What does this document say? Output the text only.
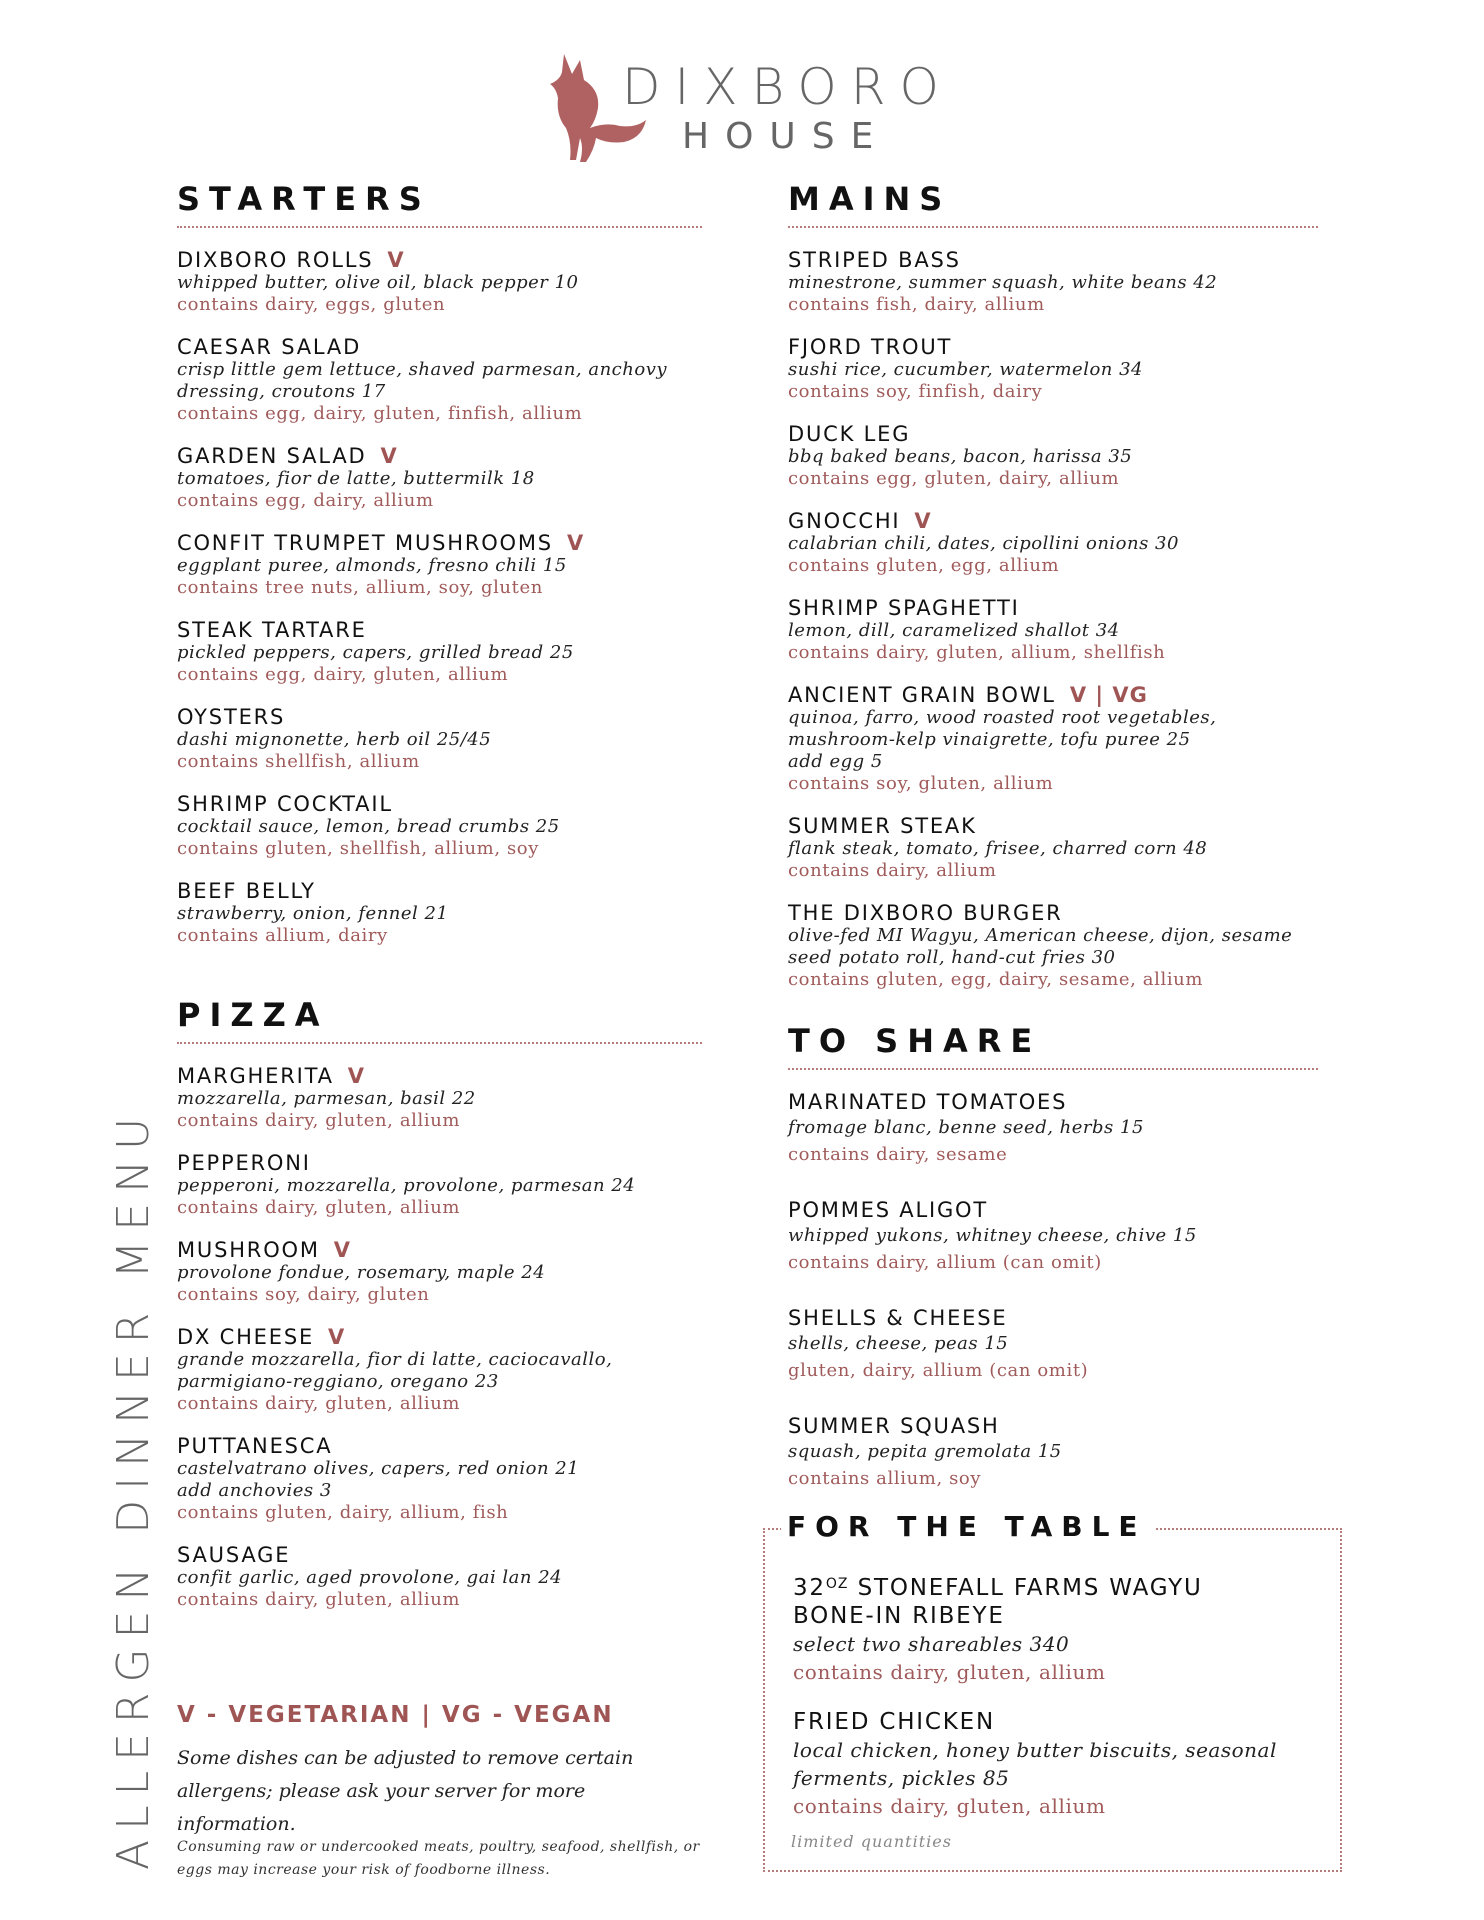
DIXBORO
HOUSE
STARTERS
DIXBORO ROLLS V
whipped butter, olive oil, black pepper 10
contains dairy, eggs, gluten
CAESAR SALAD
crisp little gem lettuce, shaved parmesan, anchovy dressing, croutons 17
contains egg, dairy, gluten, finfish, allium
GARDEN SALAD V
tomatoes, fior de latte, buttermilk 18
contains egg, dairy, allium
CONFIT TRUMPET MUSHROOMS V
eggplant puree, almonds, fresno chili 15
contains tree nuts, allium, soy, gluten
STEAK TARTARE
pickled peppers, capers, grilled bread 25
contains egg, dairy, gluten, allium
OYSTERS
dashi mignonette, herb oil 25/45
contains shellfish, allium
SHRIMP COCKTAIL
cocktail sauce, lemon, bread crumbs 25
contains gluten, shellfish, allium, soy
BEEF BELLY
strawberry, onion, fennel 21
contains allium, dairy
PIZZA
MARGHERITA V
mozzarella, parmesan, basil 22
contains dairy, gluten, allium
PEPPERONI
pepperoni, mozzarella, provolone, parmesan 24
contains dairy, gluten, allium
MUSHROOM V
provolone fondue, rosemary, maple 24
contains soy, dairy, gluten
DX CHEESE V
grande mozzarella, fior di latte, caciocavallo, parmigiano-reggiano, oregano 23
contains dairy, gluten, allium
PUTTANESCA
castelvatrano olives, capers, red onion 21
add anchovies 3
contains gluten, dairy, allium, fish
SAUSAGE
confit garlic, aged provolone, gai lan 24
contains dairy, gluten, allium
V - VEGETARIAN | VG - VEGAN
Some dishes can be adjusted to remove certain allergens; please ask your server for more information.
Consuming raw or undercooked meats, poultry, seafood, shellfish, or eggs may increase your risk of foodborne illness.
ALLERGEN DINNER MENU
MAINS
STRIPED BASS
minestrone, summer squash, white beans 42
contains fish, dairy, allium
FJORD TROUT
sushi rice, cucumber, watermelon 34
contains soy, finfish, dairy
DUCK LEG
bbq baked beans, bacon, harissa 35
contains egg, gluten, dairy, allium
GNOCCHI V
calabrian chili, dates, cipollini onions 30
contains gluten, egg, allium
SHRIMP SPAGHETTI
lemon, dill, caramelized shallot 34
contains dairy, gluten, allium, shellfish
ANCIENT GRAIN BOWL V | VG
quinoa, farro, wood roasted root vegetables, mushroom-kelp vinaigrette, tofu puree 25
add egg 5
contains soy, gluten, allium
SUMMER STEAK
flank steak, tomato, frisee, charred corn 48
contains dairy, allium
THE DIXBORO BURGER
olive-fed MI Wagyu, American cheese, dijon, sesame seed potato roll, hand-cut fries 30
contains gluten, egg, dairy, sesame, allium
TO SHARE
MARINATED TOMATOES
fromage blanc, benne seed, herbs 15
contains dairy, sesame
POMMES ALIGOT
whipped yukons, whitney cheese, chive 15
contains dairy, allium (can omit)
SHELLS & CHEESE
shells, cheese, peas 15
gluten, dairy, allium (can omit)
SUMMER SQUASH
squash, pepita gremolata 15
contains allium, soy
FOR THE TABLE
$32^{OZ}$ STONEFALL FARMS WAGYU
BONE-IN RIBEYE
select two shareables 340
contains dairy, gluten, allium
FRIED CHICKEN
local chicken, honey butter biscuits, seasonal ferments, pickles 85
contains dairy, gluten, allium
limited quantities
